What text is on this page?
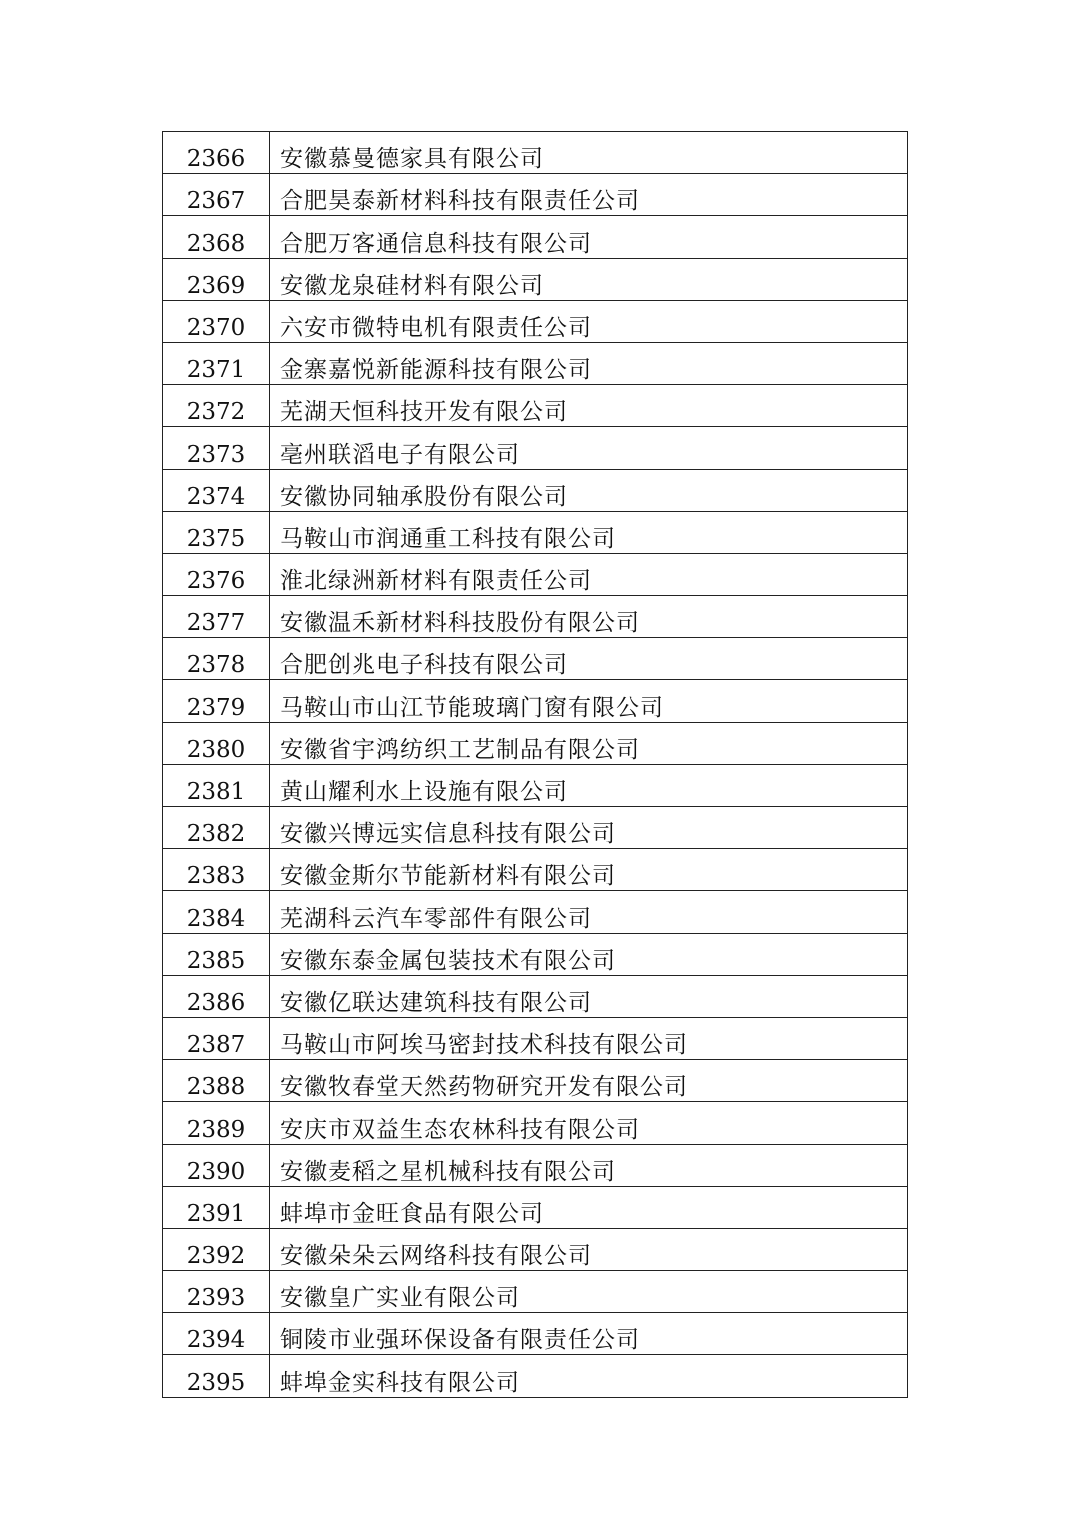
2366	安徽慕曼德家具有限公司
2367	合肥昊泰新材料科技有限责任公司
2368	合肥万客通信息科技有限公司
2369	安徽龙泉硅材料有限公司
2370	六安市微特电机有限责任公司
2371	金寨嘉悦新能源科技有限公司
2372	芜湖天恒科技开发有限公司
2373	亳州联滔电子有限公司
2374	安徽协同轴承股份有限公司
2375	马鞍山市润通重工科技有限公司
2376	淮北绿洲新材料有限责任公司
2377	安徽温禾新材料科技股份有限公司
2378	合肥创兆电子科技有限公司
2379	马鞍山市山江节能玻璃门窗有限公司
2380	安徽省宇鸿纺织工艺制品有限公司
2381	黄山耀利水上设施有限公司
2382	安徽兴博远实信息科技有限公司
2383	安徽金斯尔节能新材料有限公司
2384	芜湖科云汽车零部件有限公司
2385	安徽东泰金属包装技术有限公司
2386	安徽亿联达建筑科技有限公司
2387	马鞍山市阿埃马密封技术科技有限公司
2388	安徽牧春堂天然药物研究开发有限公司
2389	安庆市双益生态农林科技有限公司
2390	安徽麦稻之星机械科技有限公司
2391	蚌埠市金旺食品有限公司
2392	安徽朵朵云网络科技有限公司
2393	安徽皇广实业有限公司
2394	铜陵市业强环保设备有限责任公司
2395	蚌埠金实科技有限公司
